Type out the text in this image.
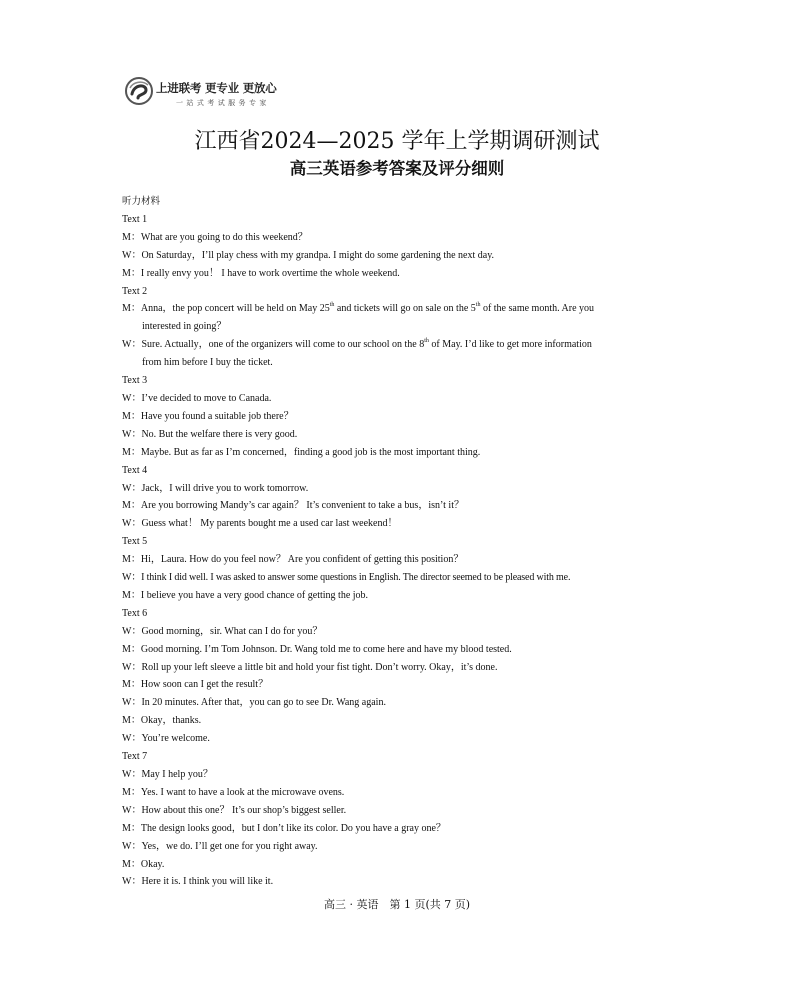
上进联考 更专业 更放心
一 站 式 考 试 服 务 专 家
江西省2024—2025 学年上学期调研测试
高三英语参考答案及评分细则
听力材料
Text 1
M：What are you going to do this weekend？
W：On Saturday，I’ll play chess with my grandpa. I might do some gardening the next day.
M：I really envy you！ I have to work overtime the whole weekend.
Text 2
M：Anna，the pop concert will be held on May 25th and tickets will go on sale on the 5th of the same month. Are you
interested in going？
W：Sure. Actually，one of the organizers will come to our school on the 8th of May. I’d like to get more information
from him before I buy the ticket.
Text 3
W：I’ve decided to move to Canada.
M：Have you found a suitable job there？
W：No. But the welfare there is very good.
M：Maybe. But as far as I’m concerned，finding a good job is the most important thing.
Text 4
W：Jack，I will drive you to work tomorrow.
M：Are you borrowing Mandy’s car again？ It’s convenient to take a bus，isn’t it？
W：Guess what！ My parents bought me a used car last weekend！
Text 5
M：Hi，Laura. How do you feel now？ Are you confident of getting this position？
W：I think I did well. I was asked to answer some questions in English. The director seemed to be pleased with me.
M：I believe you have a very good chance of getting the job.
Text 6
W：Good morning，sir. What can I do for you？
M：Good morning. I’m Tom Johnson. Dr. Wang told me to come here and have my blood tested.
W：Roll up your left sleeve a little bit and hold your fist tight. Don’t worry. Okay，it’s done.
M：How soon can I get the result？
W：In 20 minutes. After that，you can go to see Dr. Wang again.
M：Okay，thanks.
W：You’re welcome.
Text 7
W：May I help you？
M：Yes. I want to have a look at the microwave ovens.
W：How about this one？ It’s our shop’s biggest seller.
M：The design looks good，but I don’t like its color. Do you have a gray one？
W：Yes，we do. I’ll get one for you right away.
M：Okay.
W：Here it is. I think you will like it.
高三 · 英语　第 1 页(共 7 页)
